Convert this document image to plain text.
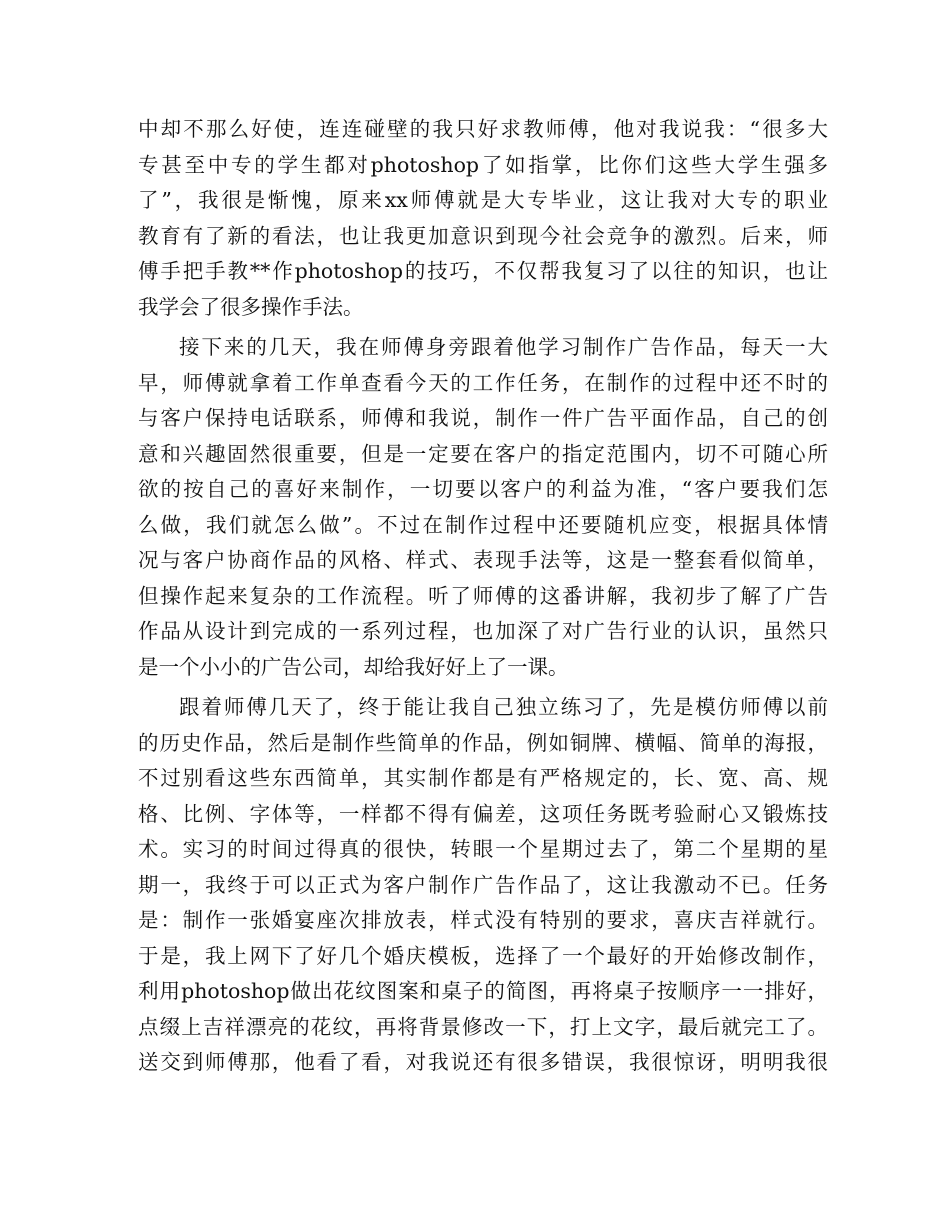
中却不那么好使，连连碰壁的我只好求教师傅，他对我说我：“很多大
专甚至中专的学生都对photoshop了如指掌，比你们这些大学生强多
了”，我很是惭愧，原来xx师傅就是大专毕业，这让我对大专的职业
教育有了新的看法，也让我更加意识到现今社会竞争的激烈。后来，师
傅手把手教**作photoshop的技巧，不仅帮我复习了以往的知识，也让
我学会了很多操作手法。
接下来的几天，我在师傅身旁跟着他学习制作广告作品，每天一大
早，师傅就拿着工作单查看今天的工作任务，在制作的过程中还不时的
与客户保持电话联系，师傅和我说，制作一件广告平面作品，自己的创
意和兴趣固然很重要，但是一定要在客户的指定范围内，切不可随心所
欲的按自己的喜好来制作，一切要以客户的利益为准，“客户要我们怎
么做，我们就怎么做”。不过在制作过程中还要随机应变，根据具体情
况与客户协商作品的风格、样式、表现手法等，这是一整套看似简单，
但操作起来复杂的工作流程。听了师傅的这番讲解，我初步了解了广告
作品从设计到完成的一系列过程，也加深了对广告行业的认识，虽然只
是一个小小的广告公司，却给我好好上了一课。
跟着师傅几天了，终于能让我自己独立练习了，先是模仿师傅以前
的历史作品，然后是制作些简单的作品，例如铜牌、横幅、简单的海报，
不过别看这些东西简单，其实制作都是有严格规定的，长、宽、高、规
格、比例、字体等，一样都不得有偏差，这项任务既考验耐心又锻炼技
术。实习的时间过得真的很快，转眼一个星期过去了，第二个星期的星
期一，我终于可以正式为客户制作广告作品了，这让我激动不已。任务
是：制作一张婚宴座次排放表，样式没有特别的要求，喜庆吉祥就行。
于是，我上网下了好几个婚庆模板，选择了一个最好的开始修改制作，
利用photoshop做出花纹图案和桌子的简图，再将桌子按顺序一一排好，
点缀上吉祥漂亮的花纹，再将背景修改一下，打上文字，最后就完工了。
送交到师傅那，他看了看，对我说还有很多错误，我很惊讶，明明我很
